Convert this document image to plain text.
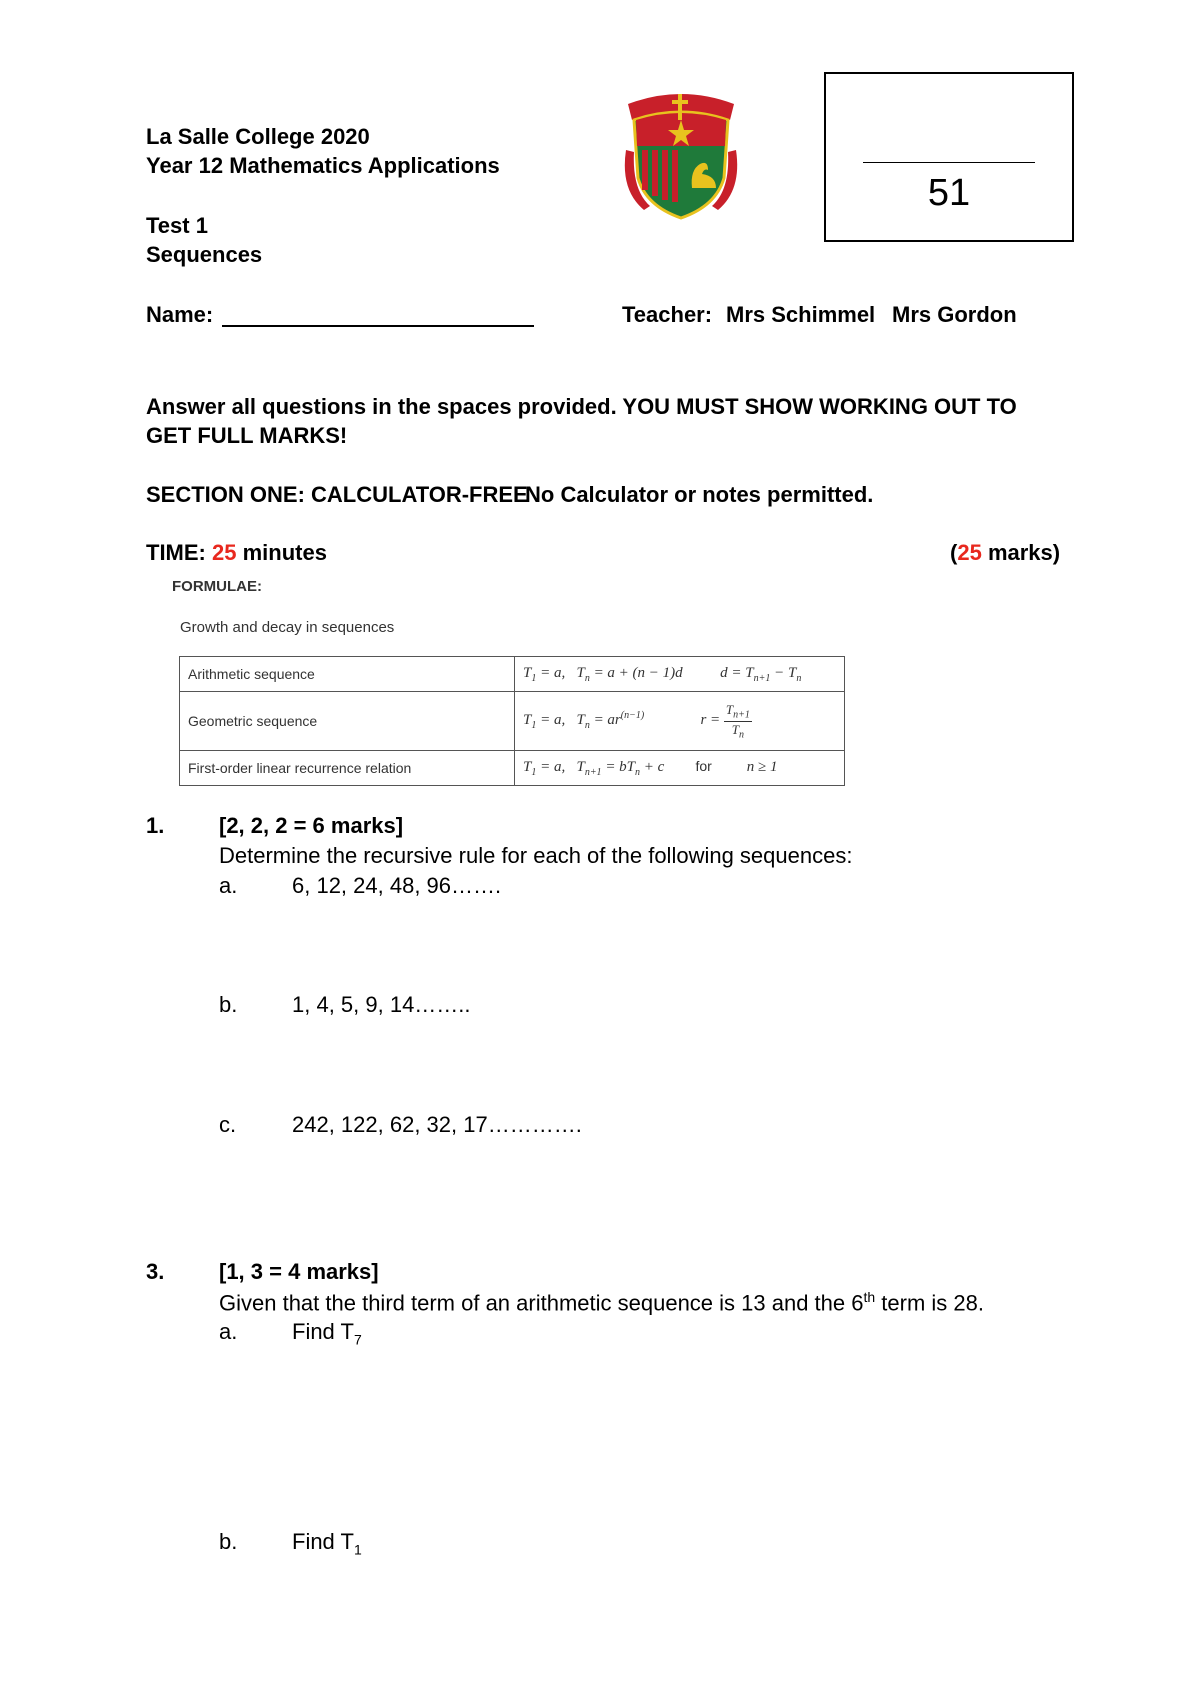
La Salle College 2020
Year 12 Mathematics Applications
Test 1
Sequences
51
Name:	Teacher: Mrs Schimmel Mrs Gordon
Answer all questions in the spaces provided. YOU MUST SHOW WORKING OUT TO GET FULL MARKS!
SECTION ONE: CALCULATOR-FREE
No Calculator or notes permitted.
TIME: 25 minutes	(25 marks)
FORMULAE:
Growth and decay in sequences
Arithmetic sequence	$T_1 = a$,   $T_n = a + (n - 1)d$          $d = T_{n+1} - T_n$
Geometric sequence	$T_1 = a$,   $T_n = ar^{(n-1)}$               $r = \frac{T_{n+1}}{T_n}$

First-order linear recurrence relation	$T_1 = a$,   $T_{n+1} = bT_n + c$ for n ≥ 1
1. [2, 2, 2 = 6 marks]
Determine the recursive rule for each of the following sequences:
a. 6, 12, 24, 48, 96…….
b. 1, 4, 5, 9, 14……..
c.	242, 122, 62, 32, 17………….
3. [1, 3 = 4 marks]
Given that the third term of an arithmetic sequence is 13 and the 6th term is 28.
a. Find $T_7$
b. Find $T_1$
